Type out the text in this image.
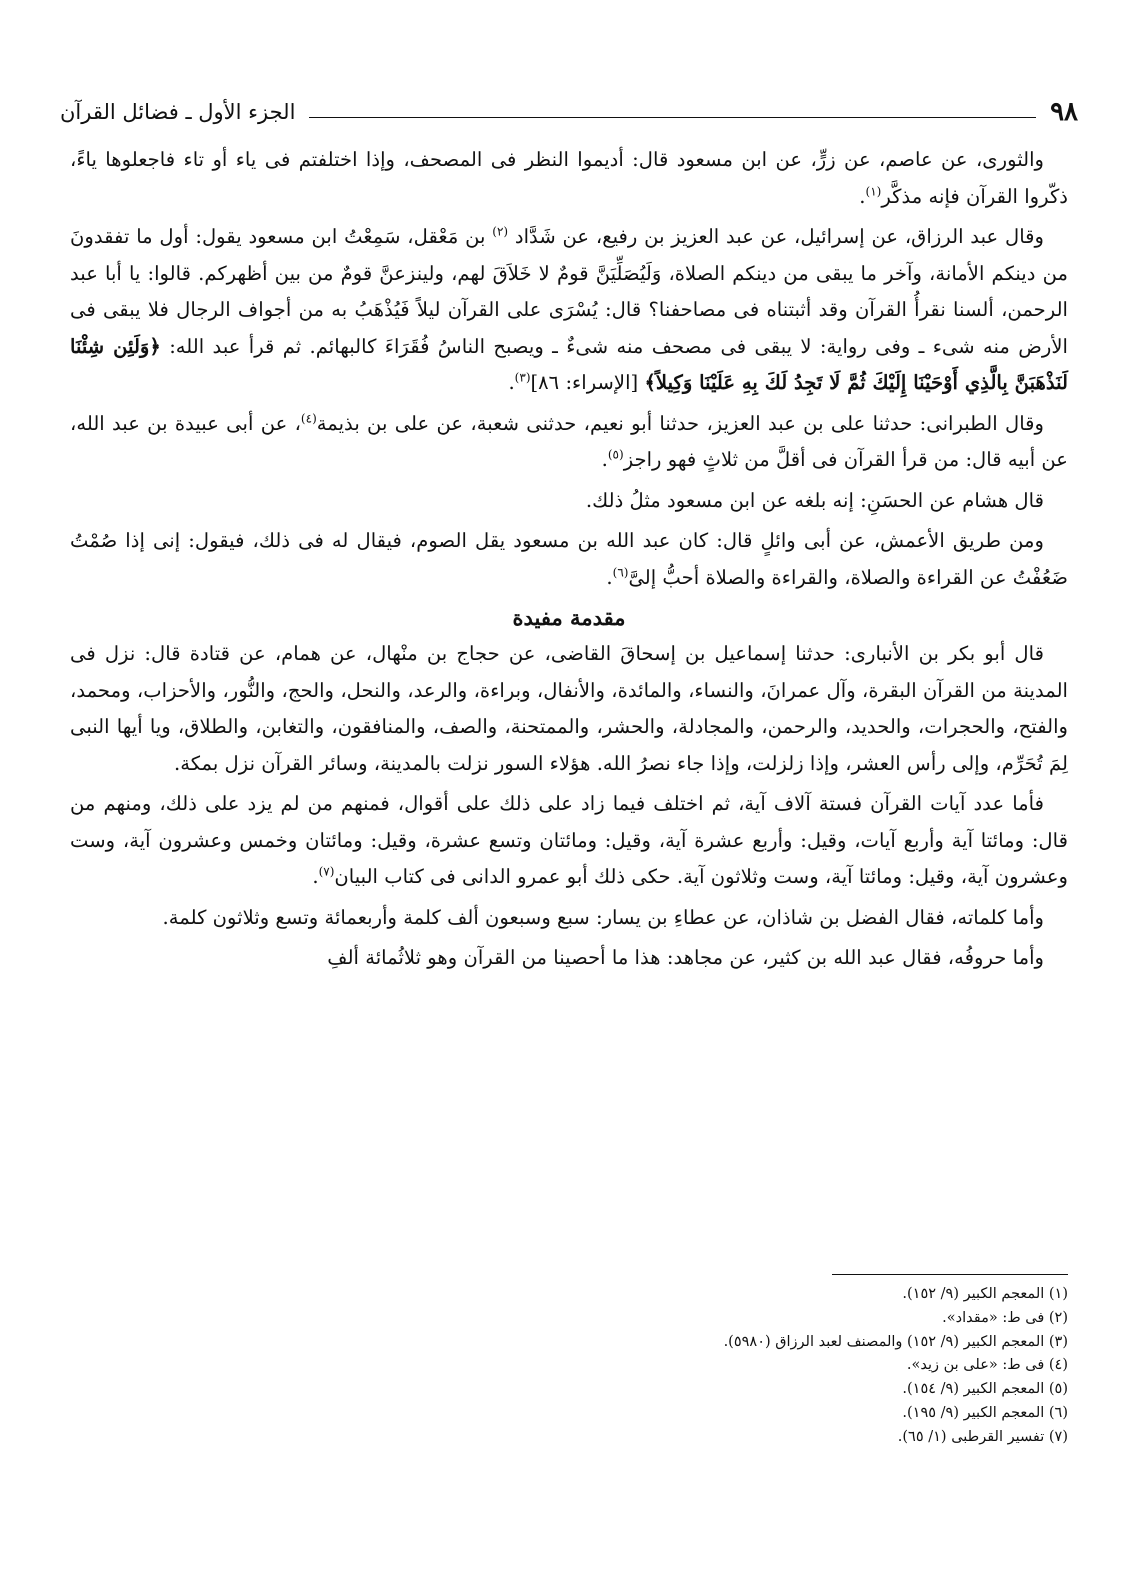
٩٨
الجزء الأول ـ فضائل القرآن

والثورى، عن عاصم، عن زرٍّ، عن ابن مسعود قال: أديموا النظر فى المصحف، وإذا اختلفتم فى ياء أو تاء فاجعلوها ياءً، ذكّروا القرآن فإنه مذكَّر$^{(١)}$.

وقال عبد الرزاق، عن إسرائيل، عن عبد العزيز بن رفيع، عن شَدَّاد $^{(٢)}$ بن مَعْقل، سَمِعْتُ ابن مسعود يقول: أول ما تفقدونَ من دينكم الأمانة، وآخر ما يبقى من دينكم الصلاة، وَلَيُصَلِّيَنَّ قومٌ لا خَلاَقَ لهم، ولينزعنَّ قومٌ من بين أظهركم. قالوا: يا أبا عبد الرحمن، ألسنا نقرأُ القرآن وقد أثبتناه فى مصاحفنا؟ قال: يُسْرَى على القرآن ليلاً فَيُذْهَبُ به من أجواف الرجال فلا يبقى فى الأرض منه شىء ـ وفى رواية: لا يبقى فى مصحف منه شىءٌ ـ ويصبح الناسُ فُقَرَاءَ كالبهائم. ثم قرأ عبد الله: ﴿وَلَئِن شِئْنَا لَنَذْهَبَنَّ بِالَّذِي أَوْحَيْنَا إِلَيْكَ ثُمَّ لَا تَجِدُ لَكَ بِهِ عَلَيْنَا وَكِيلاً﴾ [الإسراء: ٨٦]$^{(٣)}$.

وقال الطبرانى: حدثنا على بن عبد العزيز، حدثنا أبو نعيم، حدثنى شعبة، عن على بن بذيمة$^{(٤)}$، عن أبى عبيدة بن عبد الله، عن أبيه قال: من قرأ القرآن فى أقلَّ من ثلاثٍ فهو راجز$^{(٥)}$.

قال هشام عن الحسَنِ: إنه بلغه عن ابن مسعود مثلُ ذلك.

ومن طريق الأعمش، عن أبى وائلٍ قال: كان عبد الله بن مسعود يقل الصوم، فيقال له فى ذلك، فيقول: إنى إذا صُمْتُ ضَعُفْتُ عن القراءة والصلاة، والقراءة والصلاة أحبُّ إلىَّ$^{(٦)}$.

مقدمة مفيدة

قال أبو بكر بن الأنبارى: حدثنا إسماعيل بن إسحاقَ القاضى، عن حجاج بن منْهال، عن همام، عن قتادة قال: نزل فى المدينة من القرآن البقرة، وآل عمرانَ، والنساء، والمائدة، والأنفال، وبراءة، والرعد، والنحل، والحج، والنُّور، والأحزاب، ومحمد، والفتح، والحجرات، والحديد، والرحمن، والمجادلة، والحشر، والممتحنة، والصف، والمنافقون، والتغابن، والطلاق، ويا أيها النبى لِمَ تُحَرِّم، وإلى رأس العشر، وإذا زلزلت، وإذا جاء نصرُ الله. هؤلاء السور نزلت بالمدينة، وسائر القرآن نزل بمكة.

فأما عدد آيات القرآن فستة آلاف آية، ثم اختلف فيما زاد على ذلك على أقوال، فمنهم من لم يزد على ذلك، ومنهم من قال: ومائتا آية وأربع آيات، وقيل: وأربع عشرة آية، وقيل: ومائتان وتسع عشرة، وقيل: ومائتان وخمس وعشرون آية، وست وعشرون آية، وقيل: ومائتا آية، وست وثلاثون آية. حكى ذلك أبو عمرو الدانى فى كتاب البيان$^{(٧)}$.

وأما كلماته، فقال الفضل بن شاذان، عن عطاءِ بن يسار: سبع وسبعون ألف كلمة وأربعمائة وتسع وثلاثون كلمة.

وأما حروفُه، فقال عبد الله بن كثير، عن مجاهد: هذا ما أحصينا من القرآن وهو ثلاثُمائة ألفِ

(١) المعجم الكبير (٩/ ١٥٢).

(٢) فى ط: «مقداد».

(٣) المعجم الكبير (٩/ ١٥٢) والمصنف لعبد الرزاق (٥٩٨٠).

(٤) فى ط: «على بن زيد».

(٥) المعجم الكبير (٩/ ١٥٤).

(٦) المعجم الكبير (٩/ ١٩٥).

(٧) تفسير القرطبى (١/ ٦٥).
